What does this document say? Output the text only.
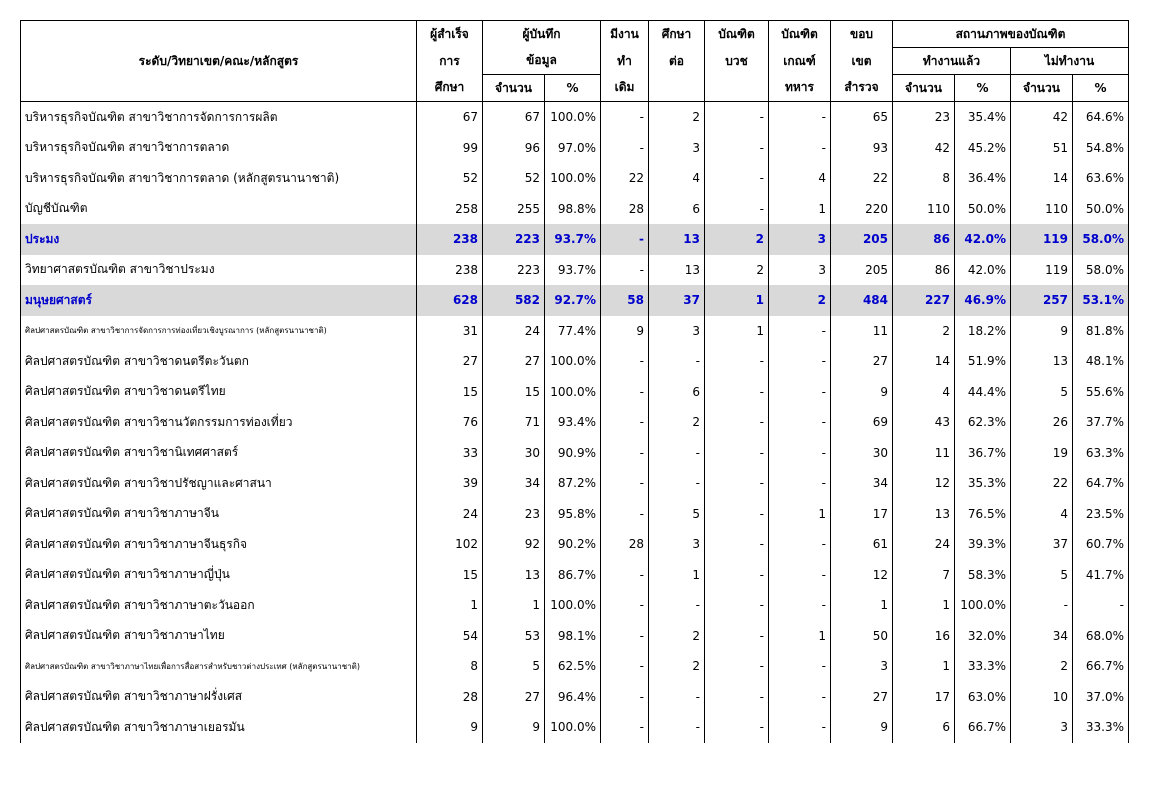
ระดับ/วิทยาเขต/คณะ/หลักสูตร	ผู้สำเร็จ	ผู้บันทึก		มีงาน	ศึกษา	บัณฑิต	บัณฑิต	ขอบ	สถานภาพของบัณฑิต			
	การ	ข้อมูล		ทำ	ต่อ	บวช	เกณฑ์	เขต	ทำงานแล้ว		ไม่ทำงาน	
	ศึกษา	จำนวน	%	เดิม			ทหาร	สำรวจ	จำนวน	%	จำนวน	%
บริหารธุรกิจบัณฑิต สาขาวิชาการจัดการการผลิต	67	67	100.0%	-	2	-	-	65	23	35.4%	42	64.6%
บริหารธุรกิจบัณฑิต สาขาวิชาการตลาด	99	96	97.0%	-	3	-	-	93	42	45.2%	51	54.8%
บริหารธุรกิจบัณฑิต สาขาวิชาการตลาด (หลักสูตรนานาชาติ)	52	52	100.0%	22	4	-	4	22	8	36.4%	14	63.6%
บัญชีบัณฑิต	258	255	98.8%	28	6	-	1	220	110	50.0%	110	50.0%
ประมง	238	223	93.7%	-	13	2	3	205	86	42.0%	119	58.0%
วิทยาศาสตรบัณฑิต สาขาวิชาประมง	238	223	93.7%	-	13	2	3	205	86	42.0%	119	58.0%
มนุษยศาสตร์	628	582	92.7%	58	37	1	2	484	227	46.9%	257	53.1%
ศิลปศาสตรบัณฑิต สาขาวิชาการจัดการการท่องเที่ยวเชิงบูรณาการ (หลักสูตรนานาชาติ)	31	24	77.4%	9	3	1	-	11	2	18.2%	9	81.8%
ศิลปศาสตรบัณฑิต สาขาวิชาดนตรีตะวันตก	27	27	100.0%	-	-	-	-	27	14	51.9%	13	48.1%
ศิลปศาสตรบัณฑิต สาขาวิชาดนตรีไทย	15	15	100.0%	-	6	-	-	9	4	44.4%	5	55.6%
ศิลปศาสตรบัณฑิต สาขาวิชานวัตกรรมการท่องเที่ยว	76	71	93.4%	-	2	-	-	69	43	62.3%	26	37.7%
ศิลปศาสตรบัณฑิต สาขาวิชานิเทศศาสตร์	33	30	90.9%	-	-	-	-	30	11	36.7%	19	63.3%
ศิลปศาสตรบัณฑิต สาขาวิชาปรัชญาและศาสนา	39	34	87.2%	-	-	-	-	34	12	35.3%	22	64.7%
ศิลปศาสตรบัณฑิต สาขาวิชาภาษาจีน	24	23	95.8%	-	5	-	1	17	13	76.5%	4	23.5%
ศิลปศาสตรบัณฑิต สาขาวิชาภาษาจีนธุรกิจ	102	92	90.2%	28	3	-	-	61	24	39.3%	37	60.7%
ศิลปศาสตรบัณฑิต สาขาวิชาภาษาญี่ปุ่น	15	13	86.7%	-	1	-	-	12	7	58.3%	5	41.7%
ศิลปศาสตรบัณฑิต สาขาวิชาภาษาตะวันออก	1	1	100.0%	-	-	-	-	1	1	100.0%	-	-
ศิลปศาสตรบัณฑิต สาขาวิชาภาษาไทย	54	53	98.1%	-	2	-	1	50	16	32.0%	34	68.0%
ศิลปศาสตรบัณฑิต สาขาวิชาภาษาไทยเพื่อการสื่อสารสำหรับชาวต่างประเทศ (หลักสูตรนานาชาติ)	8	5	62.5%	-	2	-	-	3	1	33.3%	2	66.7%
ศิลปศาสตรบัณฑิต สาขาวิชาภาษาฝรั่งเศส	28	27	96.4%	-	-	-	-	27	17	63.0%	10	37.0%
ศิลปศาสตรบัณฑิต สาขาวิชาภาษาเยอรมัน	9	9	100.0%	-	-	-	-	9	6	66.7%	3	33.3%
